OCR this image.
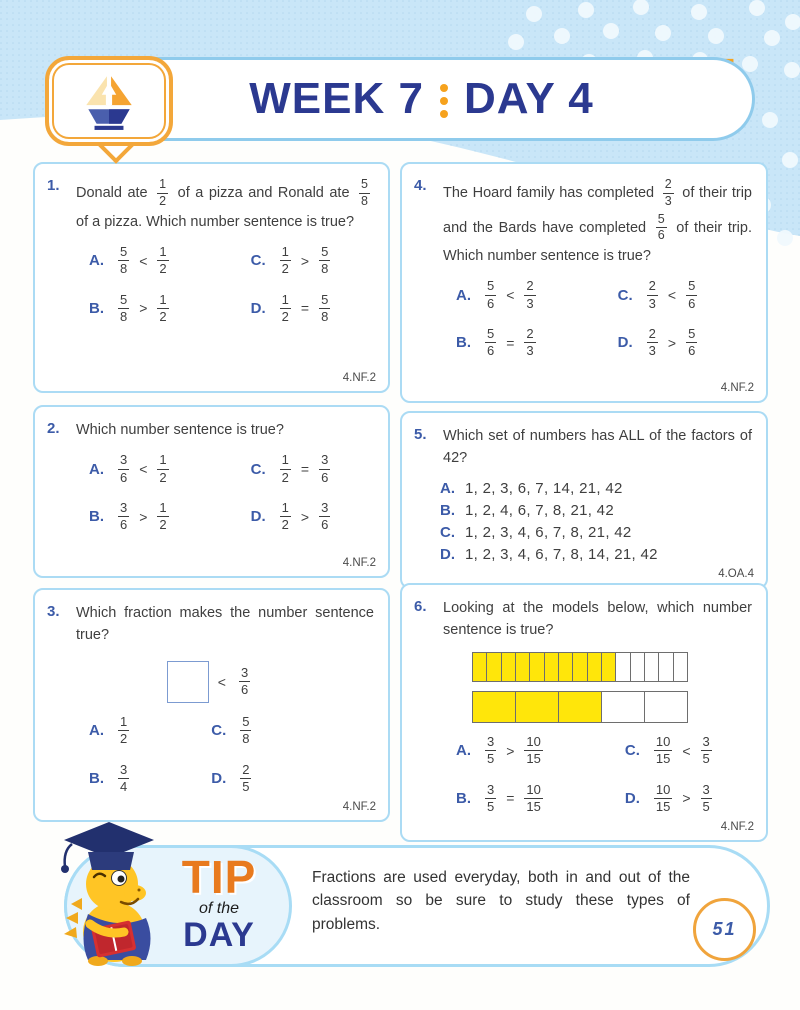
WEEK 7 DAY 4
1.	Donald ate $\frac{1}{2}$ of a pizza and Ronald ate $\frac{5}{8}$
of a pizza. Which number sentence is true?
A. $\frac{5}{8} < \frac{1}{2}$
B. $\frac{5}{8} > \frac{1}{2}$
C. $\frac{1}{2} > \frac{5}{8}$
D. $\frac{1}{2} = \frac{5}{8}$
4.NF.2
2.	Which number sentence is true?
A. $\frac{3}{6} < \frac{1}{2}$
B. $\frac{3}{6} > \frac{1}{2}$
C. $\frac{1}{2} = \frac{3}{6}$
D. $\frac{1}{2} > \frac{3}{6}$
4.NF.2
3.	Which fraction makes the number sentence true?
< $\frac{3}{6}$
A. $\frac{1}{2}$
B. $\frac{3}{4}$
C. $\frac{5}{8}$
D. $\frac{2}{5}$
4.NF.2
4.	The Hoard family has completed $\frac{2}{3}$ of their trip and the Bards have completed $\frac{5}{6}$ of their trip. Which number sentence is true?
A. $\frac{5}{6} < \frac{2}{3}$
B. $\frac{5}{6} = \frac{2}{3}$
C. $\frac{2}{3} < \frac{5}{6}$
D. $\frac{2}{3} > \frac{5}{6}$
4.NF.2
5.	Which set of numbers has ALL of the factors of 42?
A. 1, 2, 3, 6, 7, 14, 21, 42
B. 1, 2, 4, 6, 7, 8, 21, 42
C. 1, 2, 3, 4, 6, 7, 8, 21, 42
D. 1, 2, 3, 4, 6, 7, 8, 14, 21, 42
4.OA.4
6.	Looking at the models below, which number sentence is true?
A. $\frac{3}{5} > \frac{10}{15}$
B. $\frac{3}{5} = \frac{10}{15}$
C. $\frac{10}{15} < \frac{3}{5}$
D. $\frac{10}{15} > \frac{3}{5}$
4.NF.2
TIP
of the
DAY
Fractions are used everyday, both in and out of the classroom so be sure to study these types of problems.	51
